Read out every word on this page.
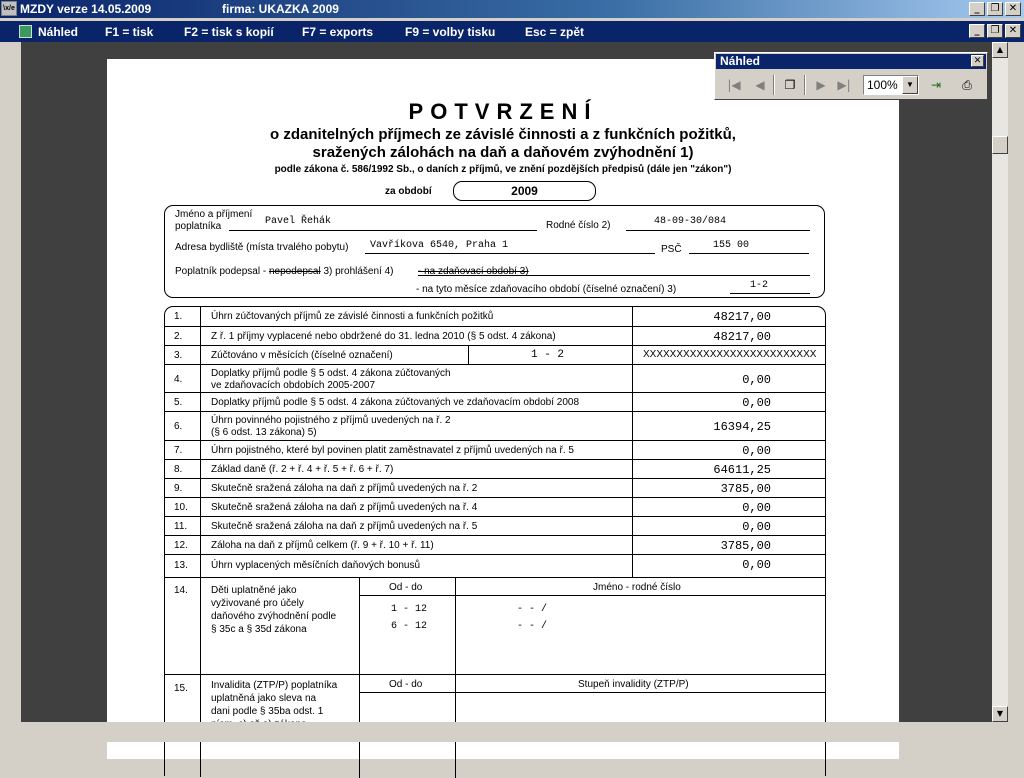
\x/e MZDY verze 14.05.2009	firma: UKAZKA 2009	_	❐ ✕
Náhled F1 = tisk	F2 = tisk s kopií F7 = exports	F9 = volby tisku Esc = zpět	_	❐ ✕
POTVRZENÍ
o zdanitelných příjmech ze závislé činnosti a z funkčních požitků,
sražených zálohách na daň a daňovém zvýhodnění 1)
podle zákona č. 586/1992 Sb., o daních z příjmů, ve znění pozdějších předpisů (dále jen "zákon")
za období	2009
Jméno a příjmení
poplatníka	Pavel Řehák	Rodné číslo 2)	48-09-30/084
Adresa bydliště (místa trvalého pobytu) Vavříkova 6540, Praha 1	PSČ	155 00
Poplatník podepsal - nepodepsal 3) prohlášení 4) - na zdaňovací období 3)
- na tyto měsíce zdaňovacího období (číselné označení) 3)	1-2
1.	Úhrn zúčtovaných příjmů ze závislé činnosti a funkčních požitků	48217,00
2.	Z ř. 1 příjmy vyplacené nebo obdržené do 31. ledna 2010 (§ 5 odst. 4 zákona)	48217,00
3.	Zúčtováno v měsících (číselné označení)	1 - 2	XXXXXXXXXXXXXXXXXXXXXXXXXX
4.
Doplatky příjmů podle § 5 odst. 4 zákona zúčtovaných
ve zdaňovacích obdobích 2005-2007	0,00
5.	Doplatky příjmů podle § 5 odst. 4 zákona zúčtovaných ve zdaňovacím období 2008	0,00
6.
Úhrn povinného pojistného z příjmů uvedených na ř. 2
(§ 6 odst. 13 zákona) 5)	16394,25
7.	Úhrn pojistného, které byl povinen platit zaměstnavatel z příjmů uvedených na ř. 5	0,00
8.	Základ daně (ř. 2 + ř. 4 + ř. 5 + ř. 6 + ř. 7)	64611,25
9.	Skutečně sražená záloha na daň z příjmů uvedených na ř. 2	3785,00
10. Skutečně sražená záloha na daň z příjmů uvedených na ř. 4	0,00
11. Skutečně sražená záloha na daň z příjmů uvedených na ř. 5	0,00
12. Záloha na daň z příjmů celkem (ř. 9 + ř. 10 + ř. 11)	3785,00
13. Úhrn vyplacených měsíčních daňových bonusů	0,00
14. Děti uplatněné jako
vyživované pro účely
daňového zvýhodnění podle
§ 35c a § 35d zákona
Od - do	Jméno - rodné číslo
1 - 12	- - /
6 - 12	- - /
15. Invalidita (ZTP/P) poplatníka
uplatněná jako sleva na
dani podle § 35ba odst. 1
Od - do	Stupeň invalidity (ZTP/P)
▲
▼
Náhled	✕
|◀	◀	❐	▶ ▶|	100%	▼	⇥	⎙
